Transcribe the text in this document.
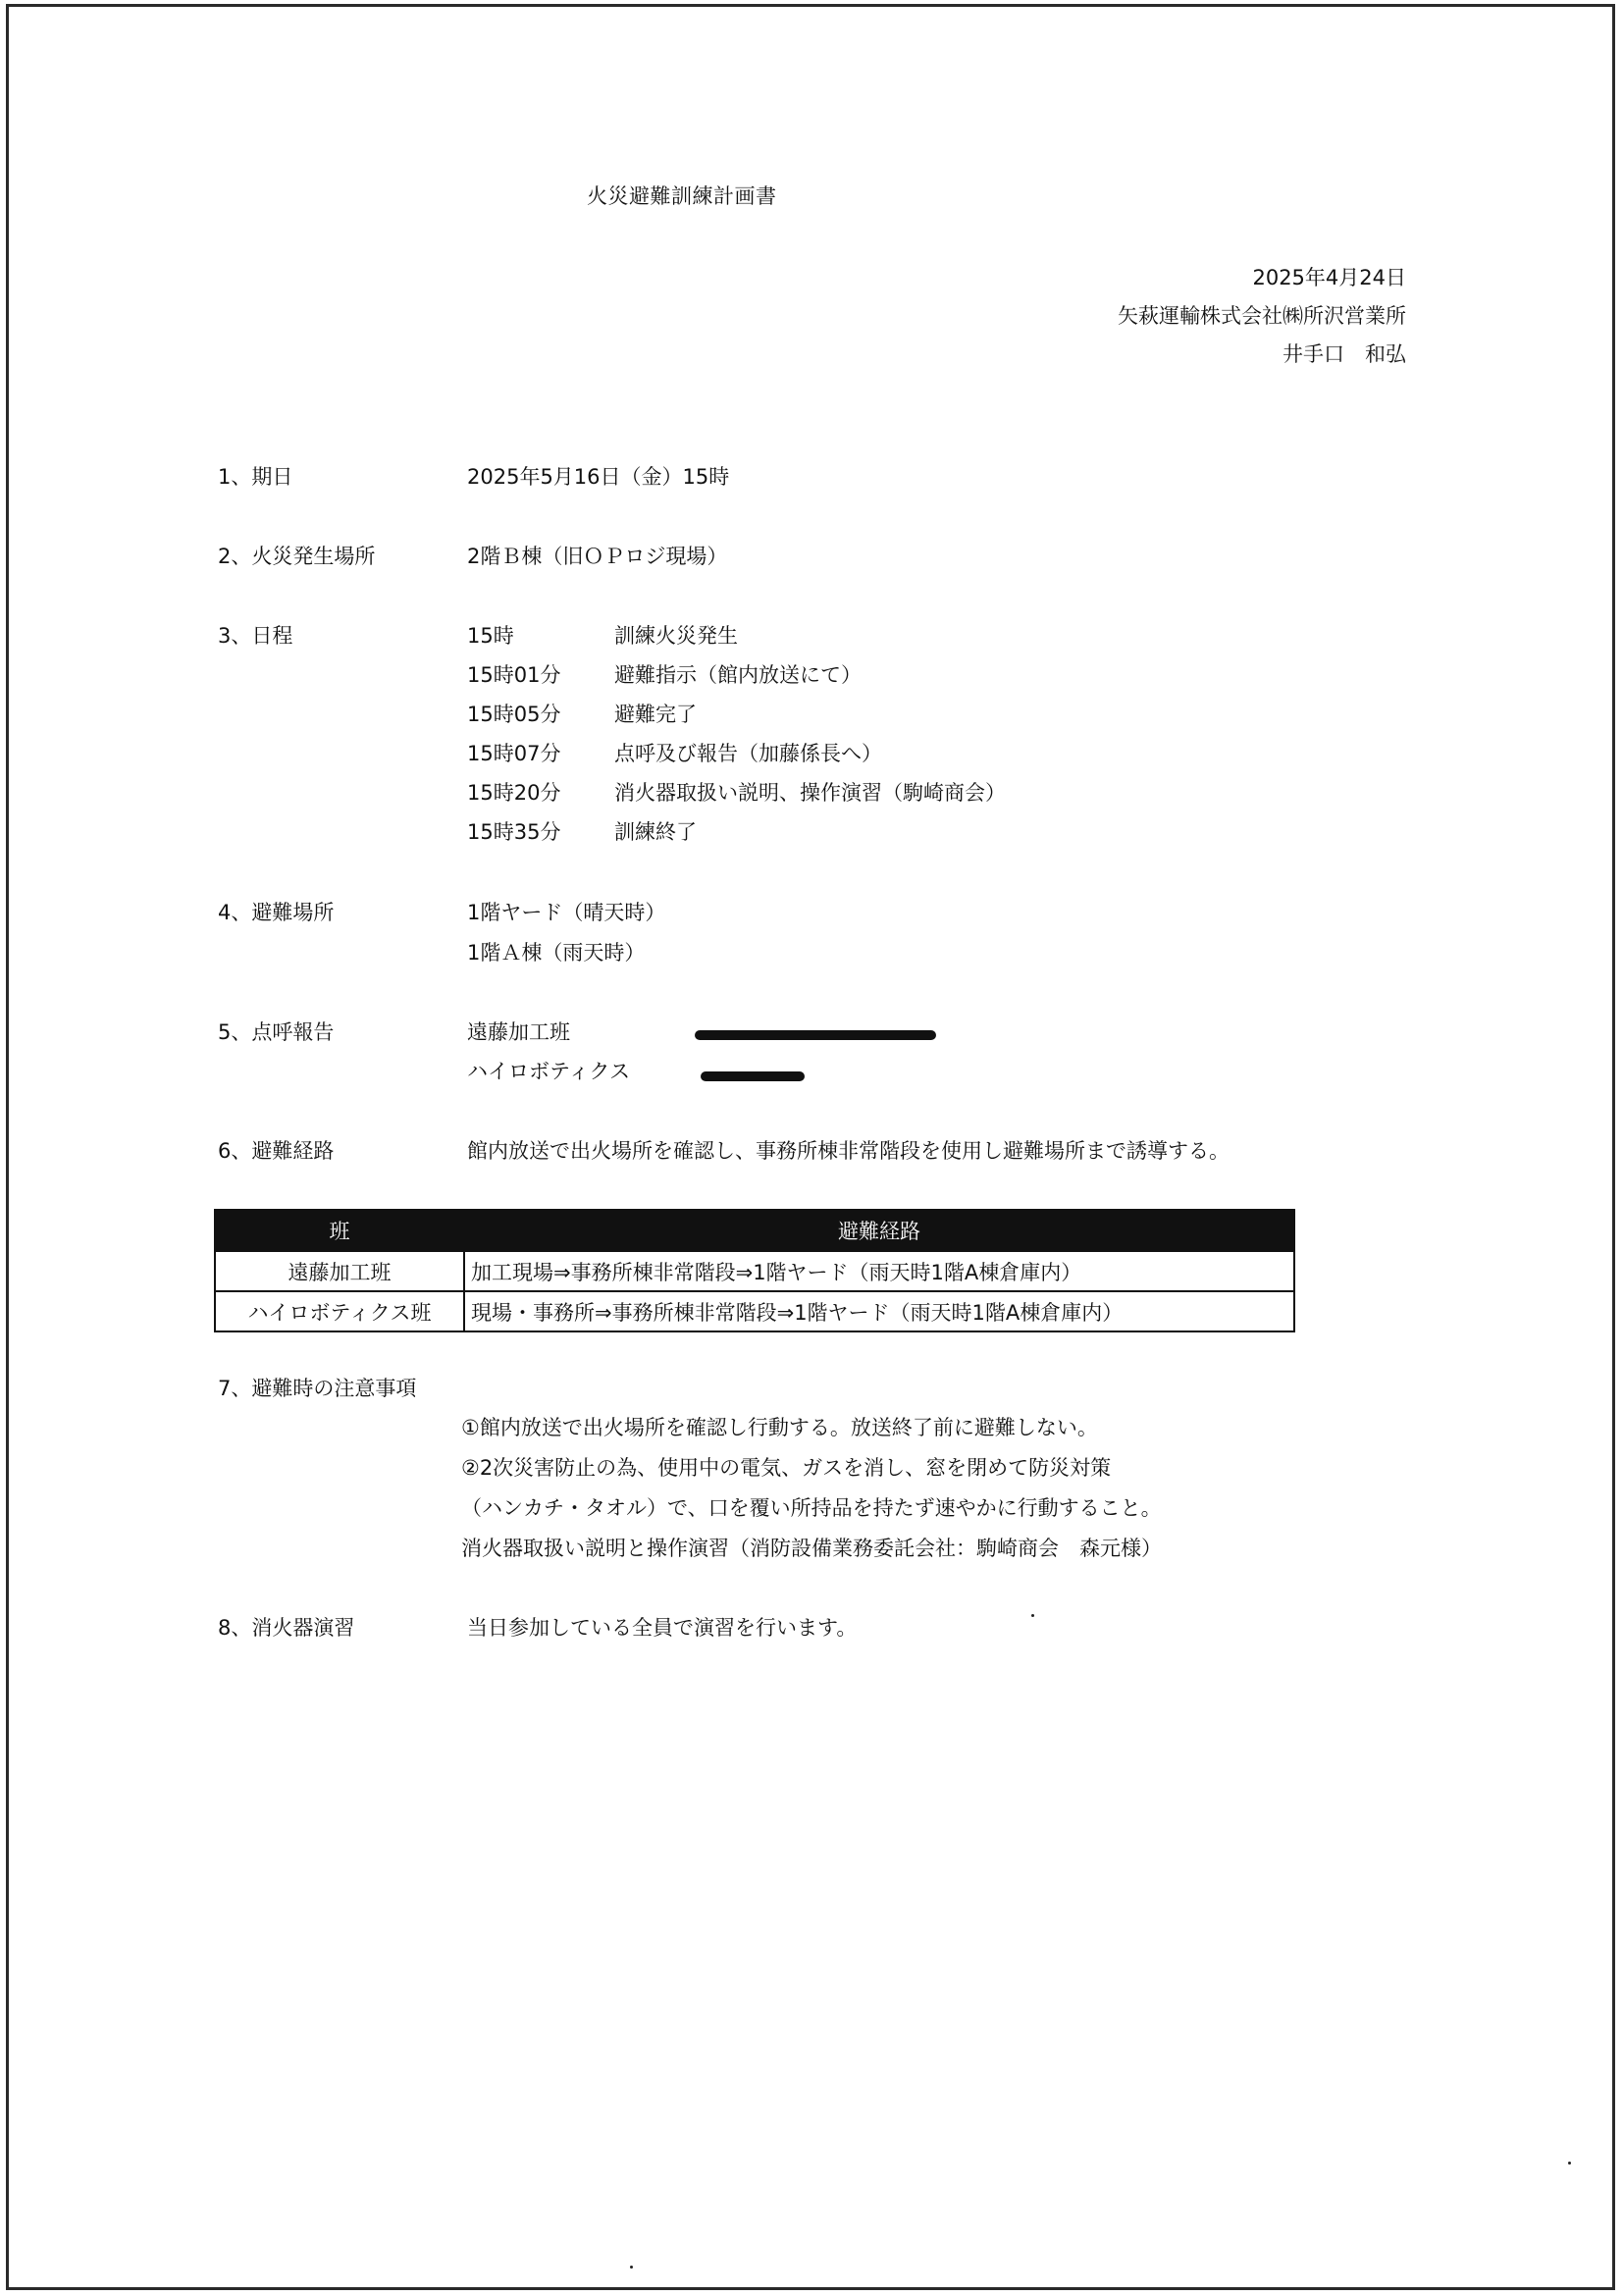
火災避難訓練計画書
2025年4月24日
矢萩運輸株式会社㈱所沢営業所
井手口　和弘
1、期日	2025年5月16日（金）15時
2、火災発生場所	2階Ｂ棟（旧ＯＰロジ現場）
3、日程	15時	訓練火災発生
15時01分	避難指示（館内放送にて）
15時05分	避難完了
15時07分	点呼及び報告（加藤係長へ）
15時20分	消火器取扱い説明、操作演習（駒崎商会）
15時35分	訓練終了
4、避難場所	1階ヤード（晴天時）
1階Ａ棟（雨天時）
5、点呼報告	遠藤加工班
ハイロボティクス
6、避難経路	館内放送で出火場所を確認し、事務所棟非常階段を使用し避難場所まで誘導する。
班	避難経路
遠藤加工班	加工現場⇒事務所棟非常階段⇒1階ヤード（雨天時1階A棟倉庫内）
ハイロボティクス班	現場・事務所⇒事務所棟非常階段⇒1階ヤード（雨天時1階A棟倉庫内）
7、避難時の注意事項
①館内放送で出火場所を確認し行動する。放送終了前に避難しない。
②2次災害防止の為、使用中の電気、ガスを消し、窓を閉めて防災対策
（ハンカチ・タオル）で、口を覆い所持品を持たず速やかに行動すること。
消火器取扱い説明と操作演習（消防設備業務委託会社：駒崎商会　森元様）
8、消火器演習	当日参加している全員で演習を行います。
